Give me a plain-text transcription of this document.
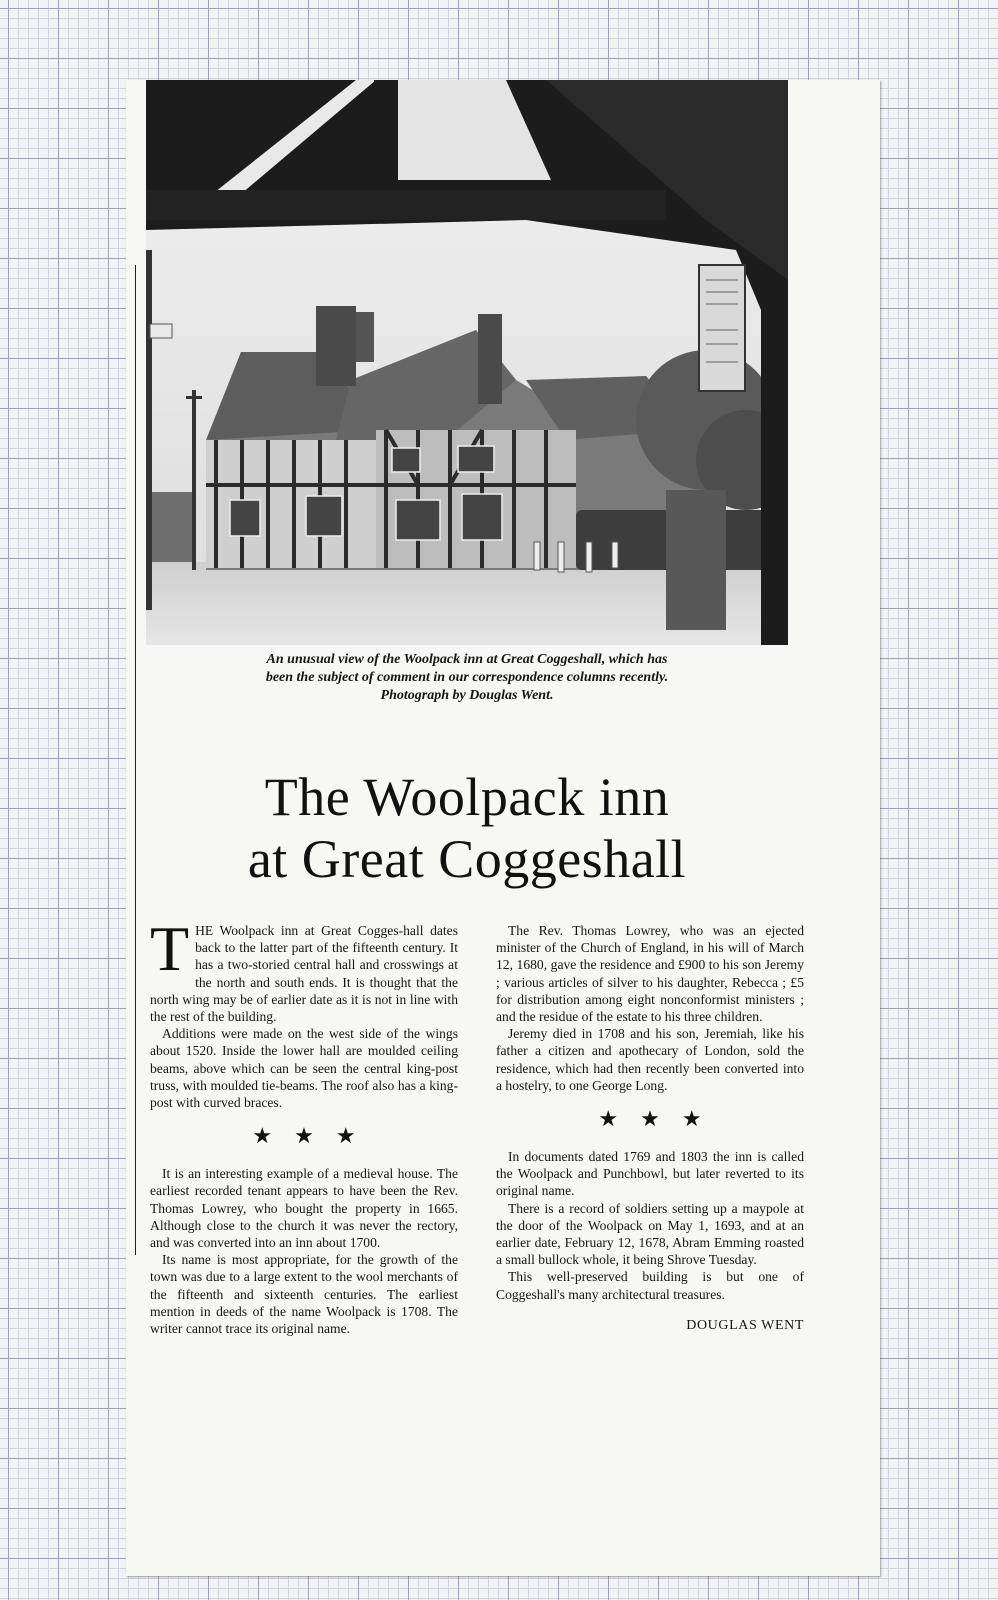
An unusual view of the Woolpack inn at Great Coggeshall, which has
been the subject of comment in our correspondence columns recently.
Photograph by Douglas Went.
The Woolpack inn
at Great Coggeshall

THE Woolpack inn at Great Cogges-hall dates back to the latter part of the fifteenth century. It has a two-storied central hall and crosswings at the north and south ends. It is thought that the north wing may be of earlier date as it is not in line with the rest of the building.

Additions were made on the west side of the wings about 1520. Inside the lower hall are moulded ceiling beams, above which can be seen the central king-post truss, with moulded tie-beams. The roof also has a king-post with curved braces.

★★★

It is an interesting example of a medieval house. The earliest recorded tenant appears to have been the Rev. Thomas Lowrey, who bought the property in 1665. Although close to the church it was never the rectory, and was converted into an inn about 1700.

Its name is most appropriate, for the growth of the town was due to a large extent to the wool merchants of the fifteenth and sixteenth centuries. The earliest mention in deeds of the name Woolpack is 1708. The writer cannot trace its original name.

The Rev. Thomas Lowrey, who was an ejected minister of the Church of England, in his will of March 12, 1680, gave the residence and £900 to his son Jeremy ; various articles of silver to his daughter, Rebecca ; £5 for distribution among eight nonconformist ministers ; and the residue of the estate to his three children.

Jeremy died in 1708 and his son, Jeremiah, like his father a citizen and apothecary of London, sold the residence, which had then recently been converted into a hostelry, to one George Long.

★★★

In documents dated 1769 and 1803 the inn is called the Woolpack and Punchbowl, but later reverted to its original name.

There is a record of soldiers setting up a maypole at the door of the Woolpack on May 1, 1693, and at an earlier date, February 12, 1678, Abram Emming roasted a small bullock whole, it being Shrove Tuesday.

This well-preserved building is but one of Coggeshall's many architectural treasures.

DOUGLAS WENT
